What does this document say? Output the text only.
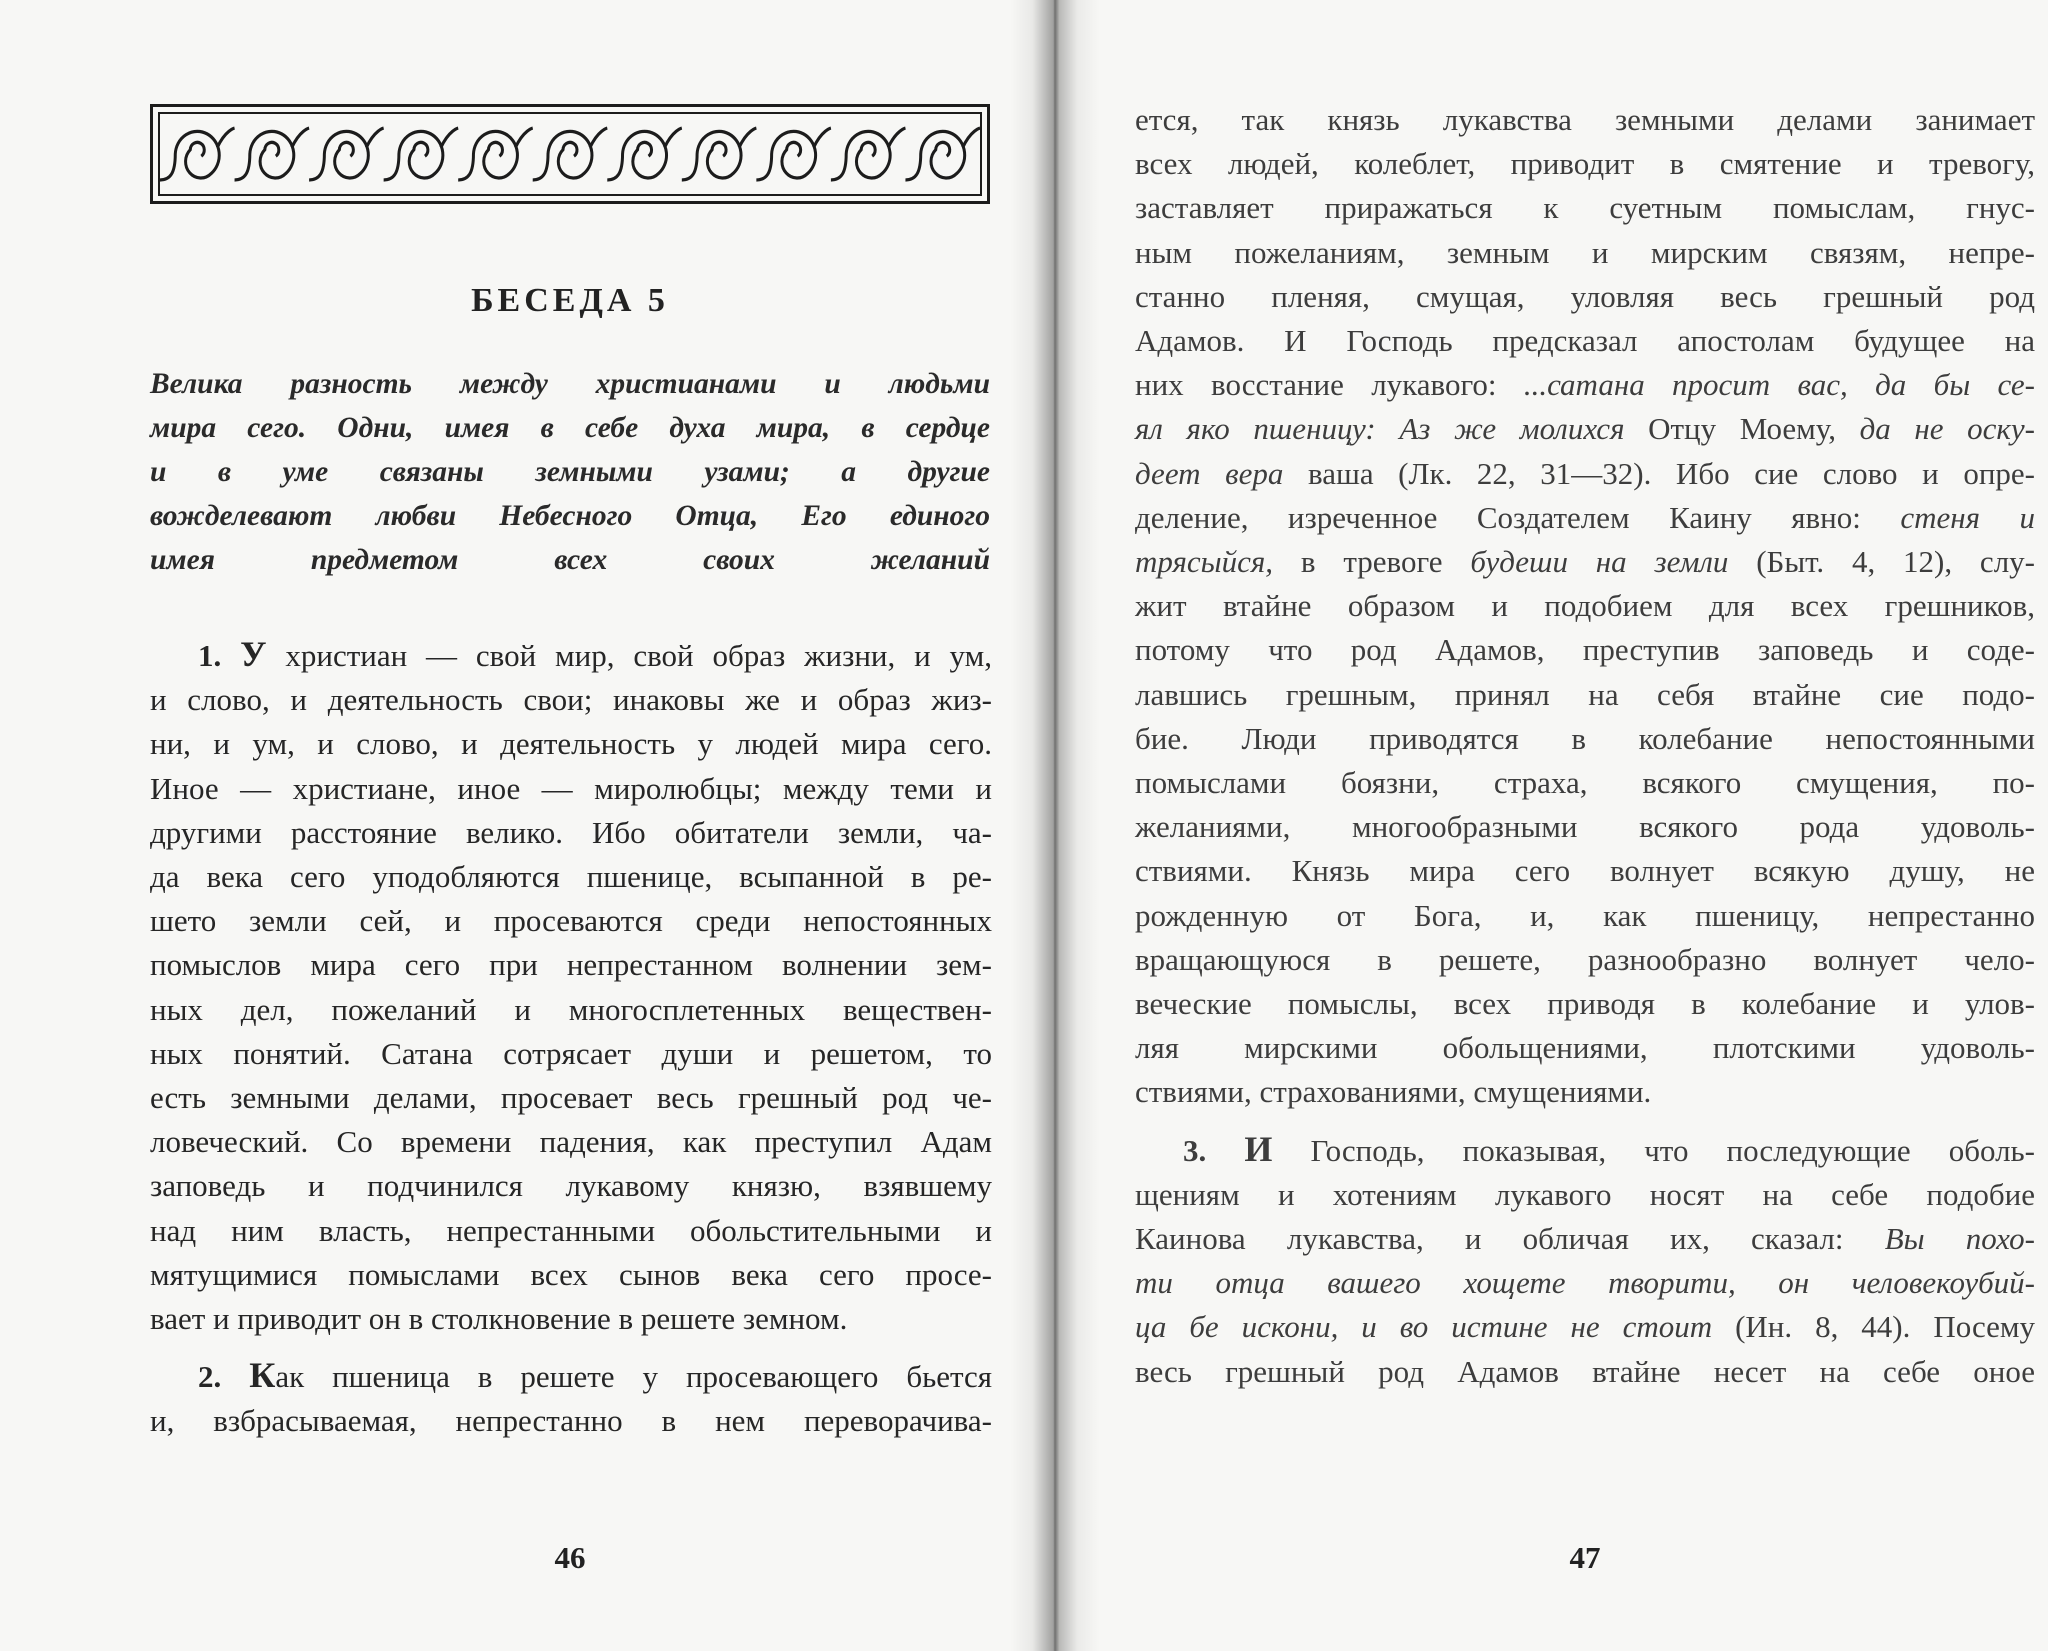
БЕСЕДА 5
Велика разность между христианами и людьми
мира сего. Одни, имея в себе духа мира, в сердце
и в уме связаны земными узами; а другие
вожделевают любви Небесного Отца, Его единого
имея предметом всех своих желаний
1. У христиан — свой мир, свой образ жизни, и ум,
и слово, и деятельность свои; инаковы же и образ жиз-
ни, и ум, и слово, и деятельность у людей мира сего.
Иное — христиане, иное — миролюбцы; между теми и
другими расстояние велико. Ибо обитатели земли, ча-
да века сего уподобляются пшенице, всыпанной в ре-
шето земли сей, и просеваются среди непостоянных
помыслов мира сего при непрестанном волнении зем-
ных дел, пожеланий и многосплетенных веществен-
ных понятий. Сатана сотрясает души и решетом, то
есть земными делами, просевает весь грешный род че-
ловеческий. Со времени падения, как преступил Адам
заповедь и подчинился лукавому князю, взявшему
над ним власть, непрестанными обольстительными и
мятущимися помыслами всех сынов века сего просе-
вает и приводит он в столкновение в решете земном.
2. Как пшеница в решете у просевающего бьется
и, взбрасываемая, непрестанно в нем переворачива-
46
ется, так князь лукавства земными делами занимает
всех людей, колеблет, приводит в смятение и тревогу,
заставляет приражаться к суетным помыслам, гнус-
ным пожеланиям, земным и мирским связям, непре-
станно пленяя, смущая, уловляя весь грешный род
Адамов. И Господь предсказал апостолам будущее на
них восстание лукавого: ...сатана просит вас, да бы се-
ял яко пшеницу: Аз же молихся Отцу Моему, да не оску-
деет вера ваша (Лк. 22, 31—32). Ибо сие слово и опре-
деление, изреченное Создателем Каину явно: стеня и
трясыйся, в тревоге будеши на земли (Быт. 4, 12), слу-
жит втайне образом и подобием для всех грешников,
потому что род Адамов, преступив заповедь и соде-
лавшись грешным, принял на себя втайне сие подо-
бие. Люди приводятся в колебание непостоянными
помыслами боязни, страха, всякого смущения, по-
желаниями, многообразными всякого рода удоволь-
ствиями. Князь мира сего волнует всякую душу, не
рожденную от Бога, и, как пшеницу, непрестанно
вращающуюся в решете, разнообразно волнует чело-
веческие помыслы, всех приводя в колебание и улов-
ляя мирскими обольщениями, плотскими удоволь-
ствиями, страхованиями, смущениями.
3. И Господь, показывая, что последующие оболь-
щениям и хотениям лукавого носят на себе подобие
Каинова лукавства, и обличая их, сказал: Вы похо-
ти отца вашего хощете творити, он человекоубий-
ца бе искони, и во истине не стоит (Ин. 8, 44). Посему
весь грешный род Адамов втайне несет на себе оное
47
